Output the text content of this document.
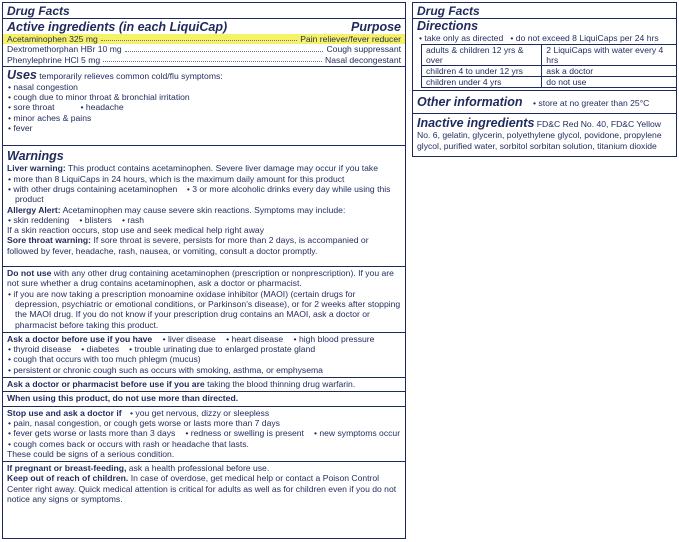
Drug Facts
Active ingredients (in each LiquiCap)	Purpose
Acetaminophen 325 mg	Pain reliever/fever reducer
Dextromethorphan HBr 10 mg	Cough suppressant
Phenylephrine HCl 5 mg	Nasal decongestant
Uses temporarily relieves common cold/flu symptoms:
• nasal congestion
• cough due to minor throat & bronchial irritation
• sore throat	• headache
• minor aches & pains
• fever
Warnings
Liver warning: This product contains acetaminophen. Severe liver damage may occur if you take
• more than 8 LiquiCaps in 24 hours, which is the maximum daily amount for this product
• with other drugs containing acetaminophen    • 3 or more alcoholic drinks every day while using this product
Allergy Alert: Acetaminophen may cause severe skin reactions. Symptoms may include:
• skin reddening • blisters • rash
If a skin reaction occurs, stop use and seek medical help right away
Sore throat warning: If sore throat is severe, persists for more than 2 days, is accompanied or followed by fever, headache, rash, nausea, or vomiting, consult a doctor promptly.
Do not use with any other drug containing acetaminophen (prescription or nonprescription). If you are not sure whether a drug contains acetaminophen, ask a doctor or pharmacist.
• if you are now taking a prescription monoamine oxidase inhibitor (MAOI) (certain drugs for depression, psychiatric or emotional conditions, or Parkinson's disease), or for 2 weeks after stopping the MAOI drug. If you do not know if your prescription drug contains an MAOI, ask a doctor or pharmacist before taking this product.
Ask a doctor before use if you have • liver disease • heart disease • high blood pressure
• thyroid disease • diabetes • trouble urinating due to enlarged prostate gland
• cough that occurs with too much phlegm (mucus)
• persistent or chronic cough such as occurs with smoking, asthma, or emphysema
Ask a doctor or pharmacist before use if you are taking the blood thinning drug warfarin.
When using this product, do not use more than directed.
Stop use and ask a doctor if • you get nervous, dizzy or sleepless
• pain, nasal congestion, or cough gets worse or lasts more than 7 days
• fever gets worse or lasts more than 3 days • redness or swelling is present • new symptoms occur
• cough comes back or occurs with rash or headache that lasts.
These could be signs of a serious condition.
If pregnant or breast-feeding, ask a health professional before use.
Keep out of reach of children. In case of overdose, get medical help or contact a Poison Control Center right away. Quick medical attention is critical for adults as well as for children even if you do not notice any signs or symptoms.
Drug Facts
Directions
• take only as directed   • do not exceed 8 LiquiCaps per 24 hrs
adults & children 12 yrs & over	2 LiquiCaps with water every 4 hrs
children 4 to under 12 yrs	ask a doctor
children under 4 yrs	do not use
Other information • store at no greater than 25°C
Inactive ingredients FD&C Red No. 40, FD&C Yellow No. 6, gelatin, glycerin, polyethylene glycol, povidone, propylene glycol, purified water, sorbitol sorbitan solution, titanium dioxide
